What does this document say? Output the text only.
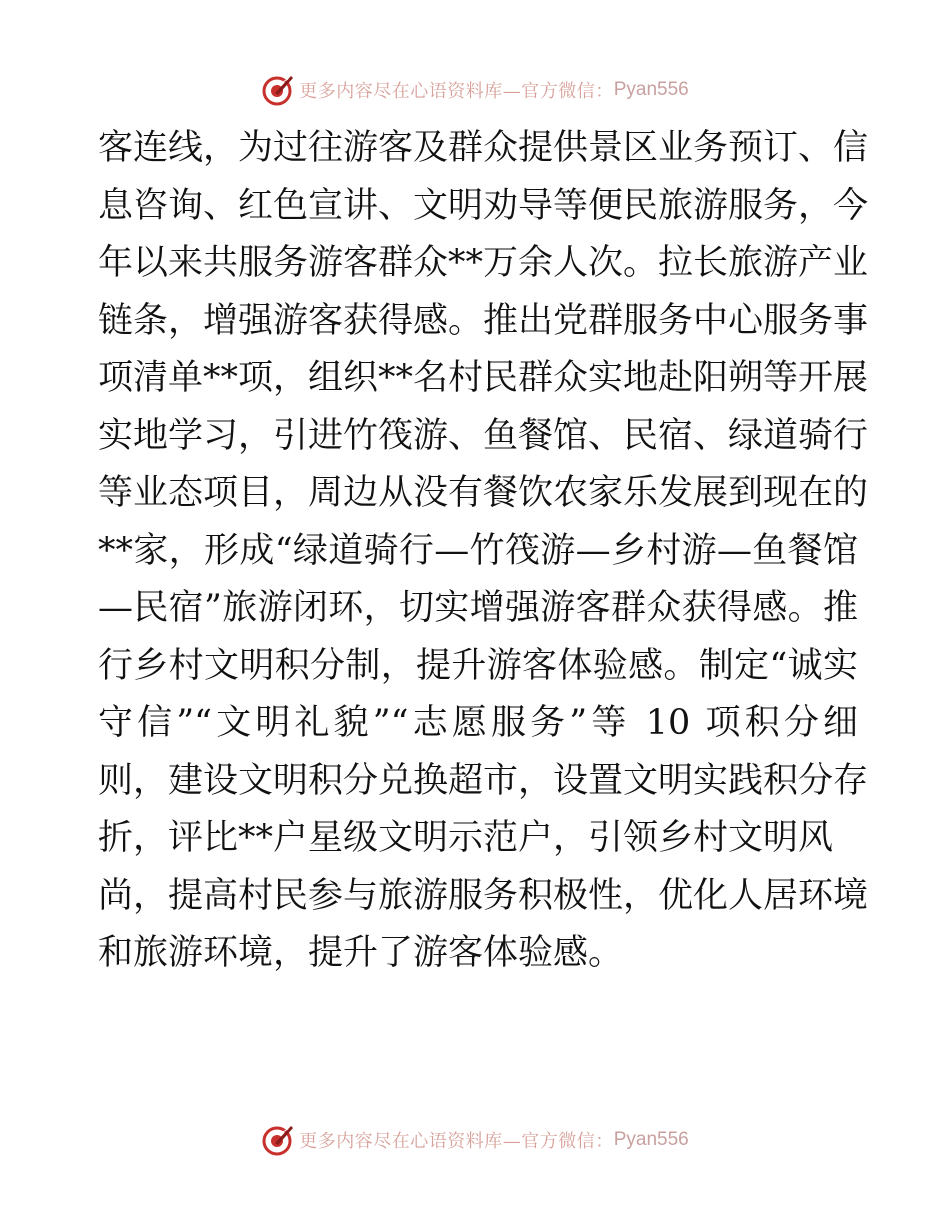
更多内容尽在心语资料库—官方微信： Pyan556
客连线，为过往游客及群众提供景区业务预订、信
息咨询、红色宣讲、文明劝导等便民旅游服务，今
年以来共服务游客群众**万余人次。拉长旅游产业
链条，增强游客获得感。推出党群服务中心服务事
项清单**项，组织**名村民群众实地赴阳朔等开展
实地学习，引进竹筏游、鱼餐馆、民宿、绿道骑行
等业态项目，周边从没有餐饮农家乐发展到现在的
**家，形成“绿道骑行—竹筏游—乡村游—鱼餐馆
—民宿”旅游闭环，切实增强游客群众获得感。推
行乡村文明积分制，提升游客体验感。制定“诚实
守信”“文明礼貌”“志愿服务”等 10 项积分细
则，建设文明积分兑换超市，设置文明实践积分存
折，评比**户星级文明示范户，引领乡村文明风
尚，提高村民参与旅游服务积极性，优化人居环境
和旅游环境，提升了游客体验感。
更多内容尽在心语资料库—官方微信： Pyan556
